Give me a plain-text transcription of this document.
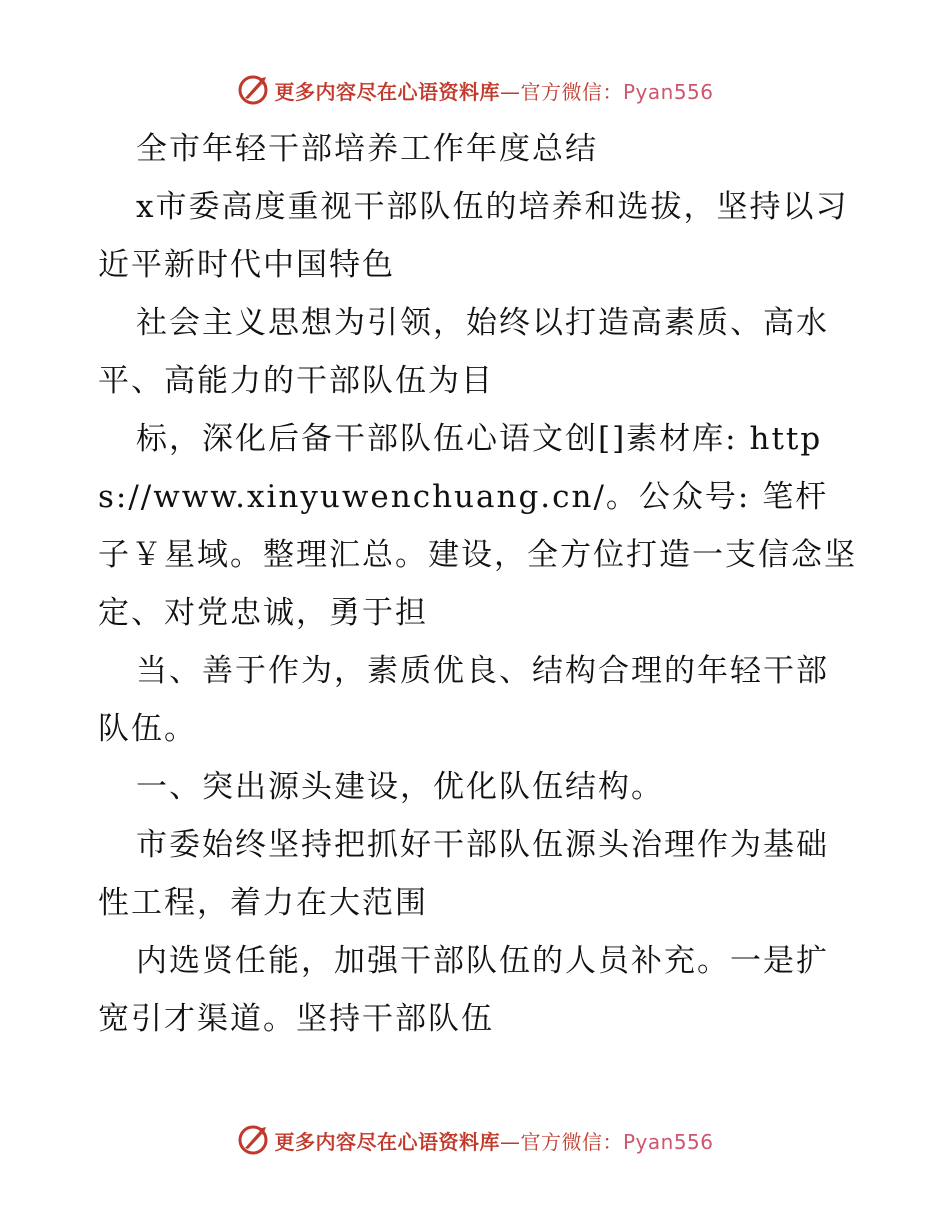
更多内容尽在心语资料库—官方微信：Pyan556

全市年轻干部培养工作年度总结

x市委高度重视干部队伍的培养和选拔，坚持以习近平新时代中国特色

社会主义思想为引领，始终以打造高素质、高水平、高能力的干部队伍为目

标，深化后备干部队伍心语文创[]素材库: https://www.xinyuwenchuang.cn/。公众号: 笔杆子￥星域。整理汇总。建设，全方位打造一支信念坚定、对党忠诚，勇于担

当、善于作为，素质优良、结构合理的年轻干部队伍。

一、突出源头建设，优化队伍结构。

市委始终坚持把抓好干部队伍源头治理作为基础性工程，着力在大范围

内选贤任能，加强干部队伍的人员补充。一是扩宽引才渠道。坚持干部队伍

更多内容尽在心语资料库—官方微信：Pyan556
